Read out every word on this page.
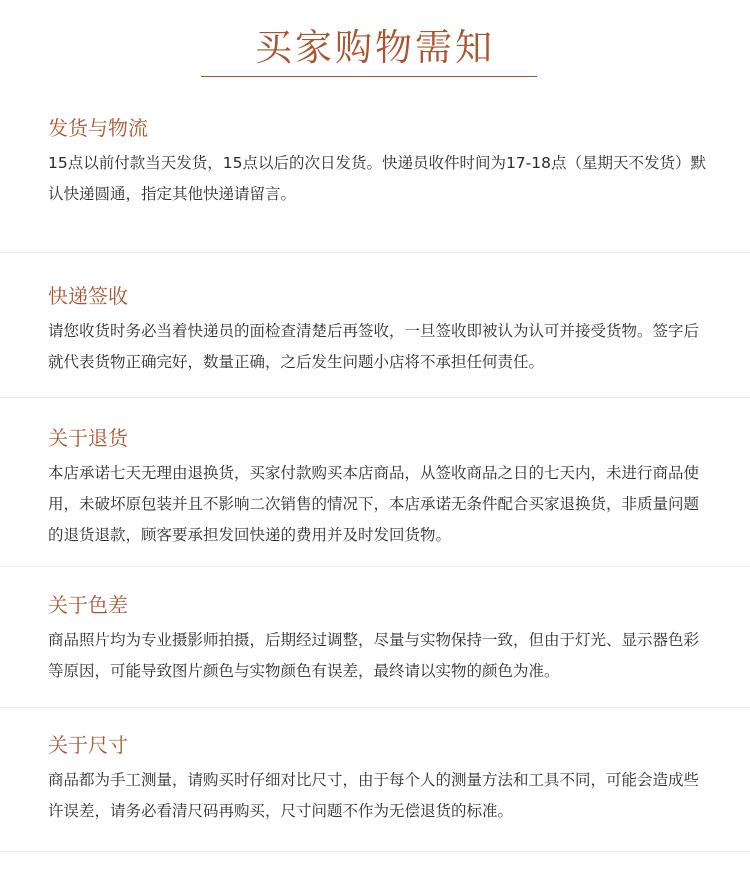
买家购物需知
发货与物流

15点以前付款当天发货，15点以后的次日发货。快递员收件时间为17-18点（星期天不发货）默认快递圆通，指定其他快递请留言。

快递签收

请您收货时务必当着快递员的面检查清楚后再签收，一旦签收即被认为认可并接受货物。签字后就代表货物正确完好，数量正确，之后发生问题小店将不承担任何责任。

关于退货

本店承诺七天无理由退换货，买家付款购买本店商品，从签收商品之日的七天内，未进行商品使用，未破坏原包装并且不影响二次销售的情况下，本店承诺无条件配合买家退换货，非质量问题的退货退款，顾客要承担发回快递的费用并及时发回货物。

关于色差

商品照片均为专业摄影师拍摄，后期经过调整，尽量与实物保持一致，但由于灯光、显示器色彩等原因，可能导致图片颜色与实物颜色有误差，最终请以实物的颜色为准。

关于尺寸

商品都为手工测量，请购买时仔细对比尺寸，由于每个人的测量方法和工具不同，可能会造成些许误差，请务必看清尺码再购买，尺寸问题不作为无偿退货的标准。
